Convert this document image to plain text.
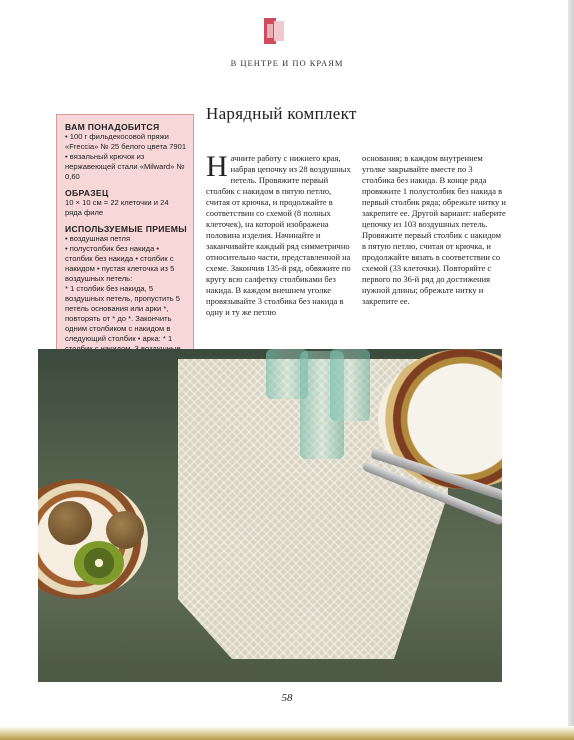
В ЦЕНТРЕ И ПО КРАЯМ
Нарядный комплект
ВАМ ПОНАДОБИТСЯ
• 100 г фильдекосовой пряжи «Freccia» № 25 белого цвета 7901
• вязальный крючок из нержавеющей стали «Milward» № 0,60
ОБРАЗЕЦ
10 × 10 см = 22 клеточки и 24 ряда филе
ИСПОЛЬЗУЕМЫЕ ПРИЕМЫ
• воздушная петля
• полустолбик без накида • столбик без накида • столбик с накидом • пустая клеточка из 5 воздушных петель:
* 1 столбик без накида, 5 воздушных петель, пропустить 5 петель основания или арки *, повторять от * до *. Закончить одним столбиком с накидом в следующий столбик • арка: * 1
Начните работу с нижнего края, набрав цепочку из 28 воздушных петель. Провяжите первый столбик с накидом в пятую петлю, считая от крючка, и продолжайте в соответствии со схемой (8 полных клеточек), на которой изображена половина изделия. Начинайте и заканчивайте каждый ряд симметрично относительно части, представленной на схеме. Закончив 135-й ряд, обвяжите по кругу всю салфетку столбиками без накида. В каждом внешнем уголке провязывайте 3 столбика без накида в одну и ту же петлю
основания; в каждом внутреннем уголке закрывайте вместе по 3 столбика без накида. В конце ряда провяжите 1 полустолбик без накида в первый столбик ряда; обрежьте нитку и закрепите ее. Другой вариант: наберите цепочку из 103 воздушных петель. Провяжите первый столбик с накидом в пятую петлю, считая от крючка, и продолжайте вязать в соответствии со схемой (33 клеточки). Повторяйте с первого по 36-й ряд до достижения нужной длины; обрежьте нитку и закрепите ее.
58
